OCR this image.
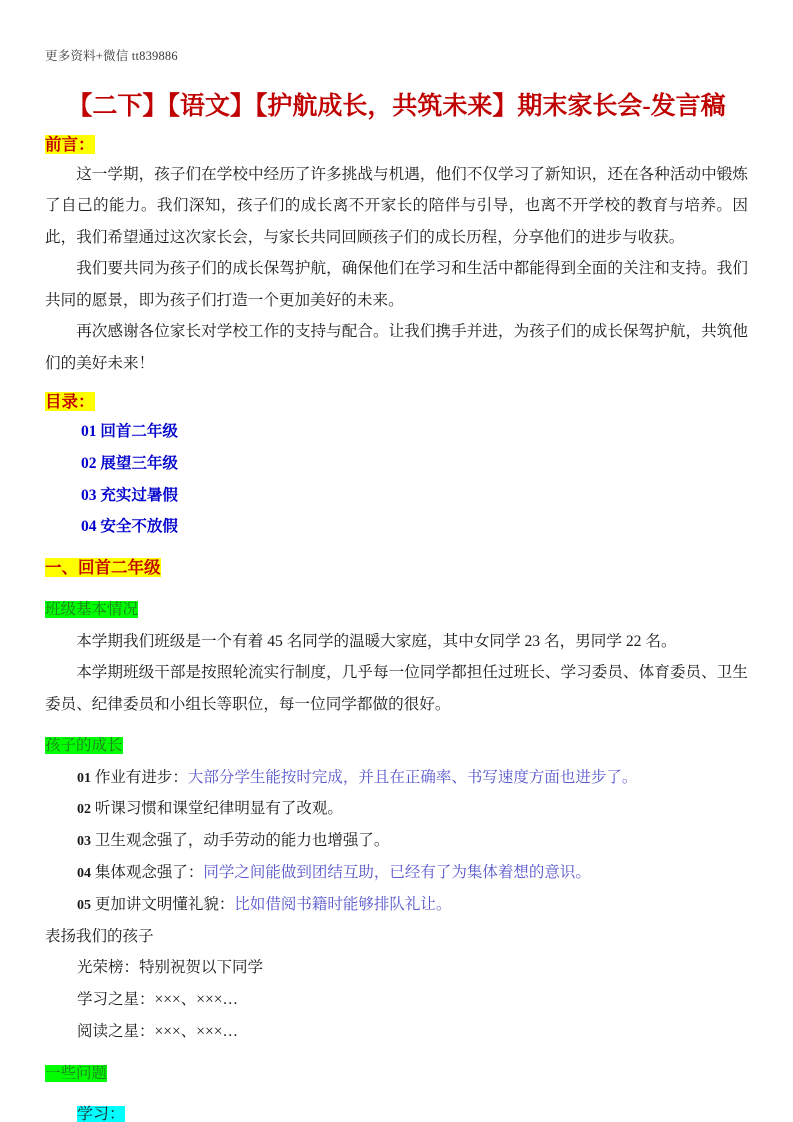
更多资料+微信 tt839886
【二下】【语文】【护航成长，共筑未来】期末家长会-发言稿
前言：

这一学期，孩子们在学校中经历了许多挑战与机遇，他们不仅学习了新知识，还在各种活动中锻炼了自己的能力。我们深知，孩子们的成长离不开家长的陪伴与引导，也离不开学校的教育与培养。因此，我们希望通过这次家长会，与家长共同回顾孩子们的成长历程，分享他们的进步与收获。

我们要共同为孩子们的成长保驾护航，确保他们在学习和生活中都能得到全面的关注和支持。我们共同的愿景，即为孩子们打造一个更加美好的未来。

再次感谢各位家长对学校工作的支持与配合。让我们携手并进，为孩子们的成长保驾护航，共筑他们的美好未来！

目录：
01 回首二年级
02 展望三年级
03 充实过暑假
04 安全不放假
一、回首二年级
班级基本情况

本学期我们班级是一个有着 45 名同学的温暖大家庭，其中女同学 23 名，男同学 22 名。

本学期班级干部是按照轮流实行制度，几乎每一位同学都担任过班长、学习委员、体育委员、卫生委员、纪律委员和小组长等职位，每一位同学都做的很好。

孩子的成长
01 作业有进步：大部分学生能按时完成，并且在正确率、书写速度方面也进步了。
02 听课习惯和课堂纪律明显有了改观。
03 卫生观念强了，动手劳动的能力也增强了。
04 集体观念强了：同学之间能做到团结互助，已经有了为集体着想的意识。
05 更加讲文明懂礼貌：比如借阅书籍时能够排队礼让。
表扬我们的孩子
光荣榜：特别祝贺以下同学
学习之星：×××、×××…
阅读之星：×××、×××…
一些问题
学习：
